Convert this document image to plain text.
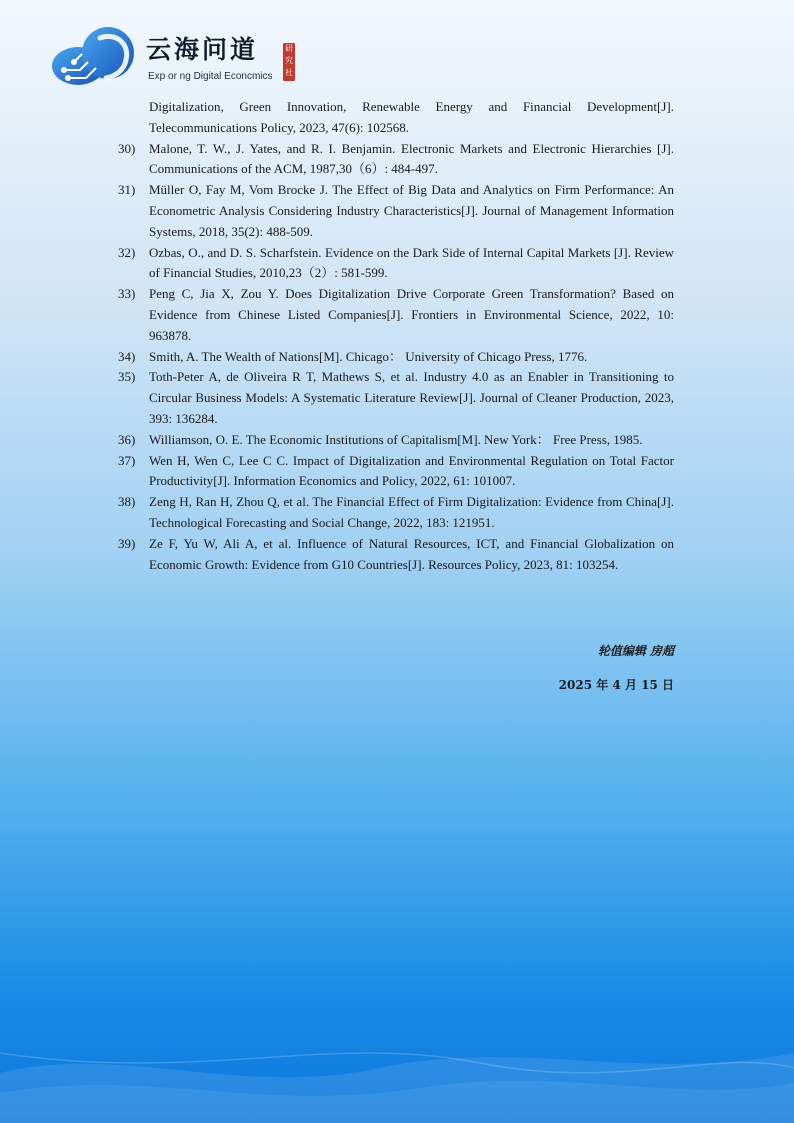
云海问道
Exp or ng Digital Econcmics
研究社
Digitalization, Green Innovation, Renewable Energy and Financial Development[J]. Telecommunications Policy, 2023, 47(6): 102568.
30) Malone, T. W., J. Yates, and R. I. Benjamin. Electronic Markets and Electronic Hierarchies [J]. Communications of the ACM, 1987,30（6）: 484-497.
31) Müller O, Fay M, Vom Brocke J. The Effect of Big Data and Analytics on Firm Performance: An Econometric Analysis Considering Industry Characteristics[J]. Journal of Management Information Systems, 2018, 35(2): 488-509.
32) Ozbas, O., and D. S. Scharfstein. Evidence on the Dark Side of Internal Capital Markets [J]. Review of Financial Studies, 2010,23（2）: 581-599.
33) Peng C, Jia X, Zou Y. Does Digitalization Drive Corporate Green Transformation? Based on Evidence from Chinese Listed Companies[J]. Frontiers in Environmental Science, 2022, 10: 963878.
34) Smith, A. The Wealth of Nations[M]. Chicago： University of Chicago Press, 1776.
35) Toth-Peter A, de Oliveira R T, Mathews S, et al. Industry 4.0 as an Enabler in Transitioning to Circular Business Models: A Systematic Literature Review[J]. Journal of Cleaner Production, 2023, 393: 136284.
36) Williamson, O. E. The Economic Institutions of Capitalism[M]. New York： Free Press, 1985.
37) Wen H, Wen C, Lee C C. Impact of Digitalization and Environmental Regulation on Total Factor Productivity[J]. Information Economics and Policy, 2022, 61: 101007.
38) Zeng H, Ran H, Zhou Q, et al. The Financial Effect of Firm Digitalization: Evidence from China[J]. Technological Forecasting and Social Change, 2022, 183: 121951.
39) Ze F, Yu W, Ali A, et al. Influence of Natural Resources, ICT, and Financial Globalization on Economic Growth: Evidence from G10 Countries[J]. Resources Policy, 2023, 81: 103254.
轮值编辑 房超
2025 年 4 月 15 日
